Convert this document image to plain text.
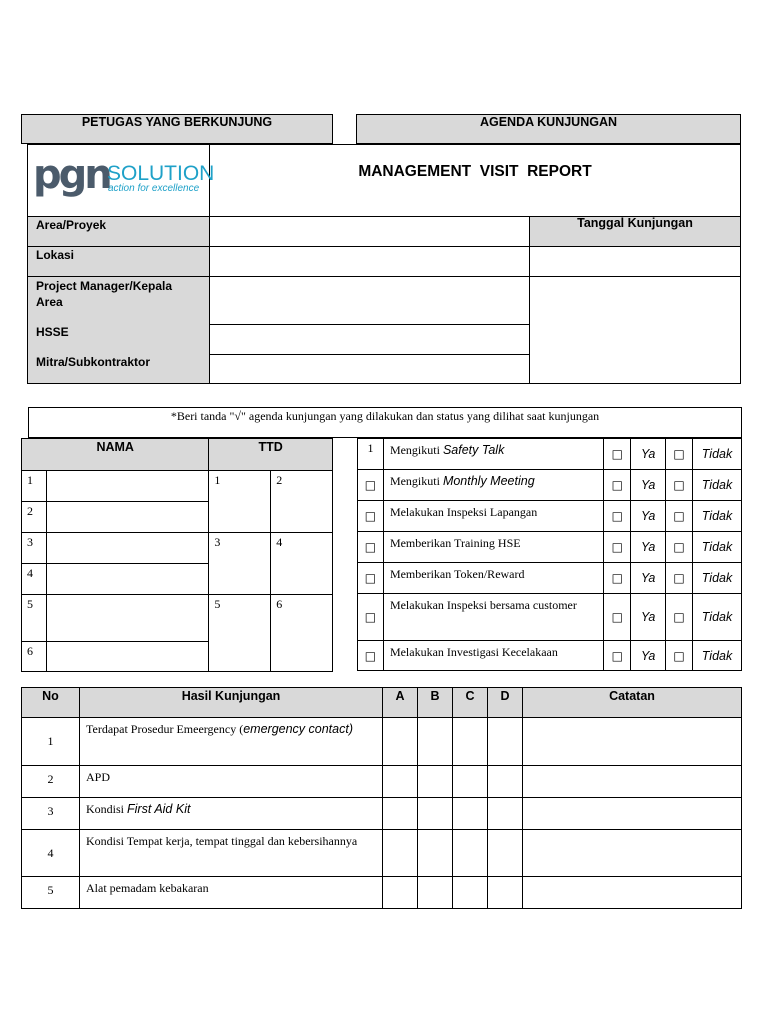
PETUGAS YANG BERKUNJUNG	AGENDA KUNJUNGAN
pgn
SOLUTION
action for excellence
MANAGEMENT  VISIT  REPORT
Area/Proyek
Lokasi
Project Manager/Kepala
Area
HSSE
Mitra/Subkontraktor
Tanggal Kunjungan
*Beri tanda "√" agenda kunjungan yang dilakukan dan status yang dilihat saat kunjungan
NAMA		TTD	
1		1	2
2			
3		3	4
4			
5		5	6
6			
1	Mengikuti Safety Talk	□	Ya	□	Tidak
□	Mengikuti Monthly Meeting	□	Ya	□	Tidak
□	Melakukan Inspeksi Lapangan	□	Ya	□	Tidak
□	Memberikan Training HSE	□	Ya	□	Tidak
□	Memberikan Token/Reward	□	Ya	□	Tidak
□	Melakukan Inspeksi bersama customer	□	Ya	□	Tidak
□	Melakukan Investigasi Kecelakaan	□	Ya	□	Tidak
No	Hasil Kunjungan	A	B	C	D	Catatan
1	Terdapat Prosedur Emeergency (emergency contact)					
2	APD					
3	Kondisi First Aid Kit					
4	Kondisi Tempat kerja, tempat tinggal dan kebersihannya					
5	Alat pemadam kebakaran					
